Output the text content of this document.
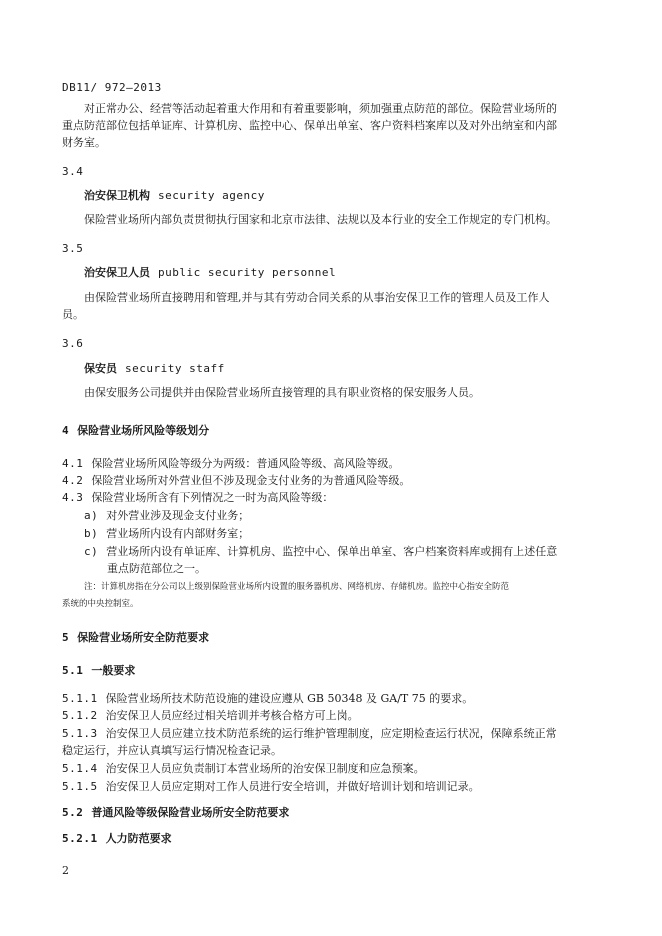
DB11/ 972—2013
对正常办公、经营等活动起着重大作用和有着重要影响，须加强重点防范的部位。保险营业场所的
重点防范部位包括单证库、计算机房、监控中心、保单出单室、客户资料档案库以及对外出纳室和内部
财务室。
3.4
治安保卫机构 security agency
保险营业场所内部负责贯彻执行国家和北京市法律、法规以及本行业的安全工作规定的专门机构。
3.5
治安保卫人员 public security personnel
由保险营业场所直接聘用和管理,并与其有劳动合同关系的从事治安保卫工作的管理人员及工作人
员。
3.6
保安员 security staff
由保安服务公司提供并由保险营业场所直接管理的具有职业资格的保安服务人员。
4 保险营业场所风险等级划分
4.1 保险营业场所风险等级分为两级：普通风险等级、高风险等级。
4.2 保险营业场所对外营业但不涉及现金支付业务的为普通风险等级。
4.3 保险营业场所含有下列情况之一时为高风险等级：
a) 对外营业涉及现金支付业务；
b) 营业场所内设有内部财务室；
c) 营业场所内设有单证库、计算机房、监控中心、保单出单室、客户档案资料库或拥有上述任意
重点防范部位之一。
注：计算机房指在分公司以上级别保险营业场所内设置的服务器机房、网络机房、存储机房。监控中心指安全防范
系统的中央控制室。
5 保险营业场所安全防范要求
5.1 一般要求
5.1.1 保险营业场所技术防范设施的建设应遵从 GB 50348 及 GA/T 75 的要求。
5.1.2 治安保卫人员应经过相关培训并考核合格方可上岗。
5.1.3 治安保卫人员应建立技术防范系统的运行维护管理制度，应定期检查运行状况，保障系统正常
稳定运行，并应认真填写运行情况检查记录。
5.1.4 治安保卫人员应负责制订本营业场所的治安保卫制度和应急预案。
5.1.5 治安保卫人员应定期对工作人员进行安全培训，并做好培训计划和培训记录。
5.2 普通风险等级保险营业场所安全防范要求
5.2.1 人力防范要求
2
